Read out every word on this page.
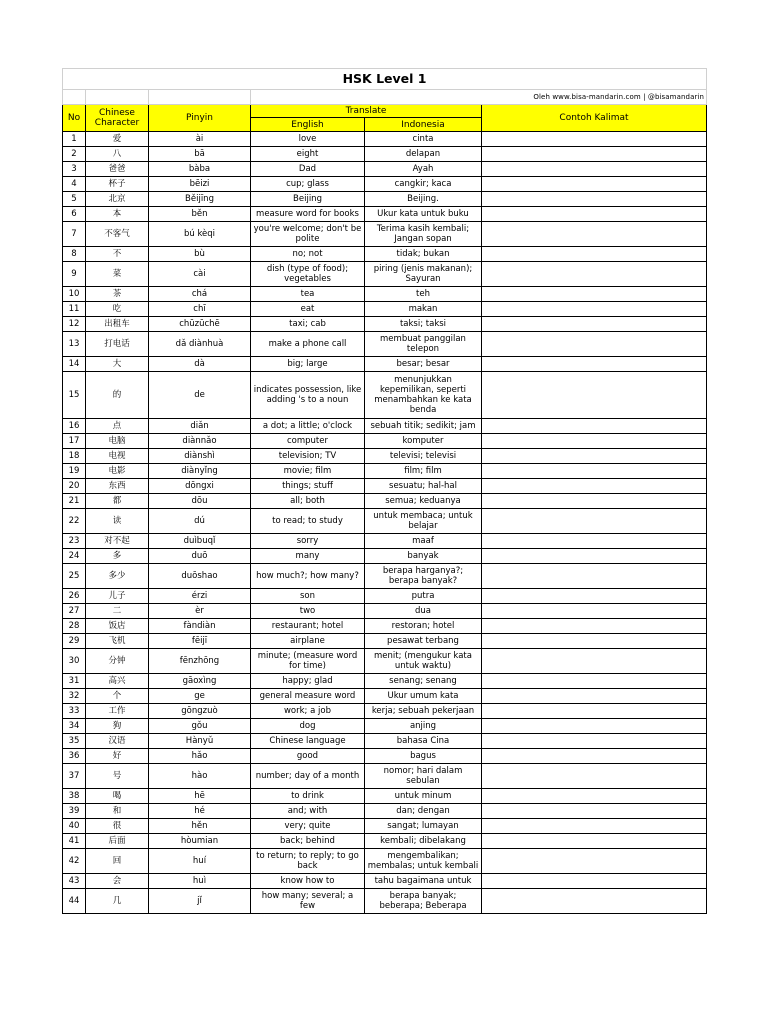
HSK Level 1					
			Oleh www.bisa-mandarin.com | @bisamandarin		
No	Chinese Character	Pinyin	Translate		Contoh Kalimat
			English	Indonesia	
1	爱	ài	love	cinta	
2	八	bā	eight	delapan	
3	爸爸	bàba	Dad	Ayah	
4	杯子	bēizi	cup; glass	cangkir; kaca	
5	北京	Běijīng	Beijing	Beijing.	
6	本	běn	measure word for books	Ukur kata untuk buku	
7	不客气	bú kèqi	you're welcome; don't be polite	Terima kasih kembali; Jangan sopan	
8	不	bù	no; not	tidak; bukan	
9	菜	cài	dish (type of food); vegetables	piring (jenis makanan); Sayuran	
10	茶	chá	tea	teh	
11	吃	chī	eat	makan	
12	出租车	chūzūchē	taxi; cab	taksi; taksi	
13	打电话	dǎ diànhuà	make a phone call	membuat panggilan telepon	
14	大	dà	big; large	besar; besar	
15	的	de	indicates possession, like adding 's to a noun	menunjukkan kepemilikan, seperti menambahkan ke kata benda	
16	点	diǎn	a dot; a little; o'clock	sebuah titik; sedikit; jam	
17	电脑	diànnǎo	computer	komputer	
18	电视	diànshì	television; TV	televisi; televisi	
19	电影	diànyǐng	movie; film	film; film	
20	东西	dōngxi	things; stuff	sesuatu; hal-hal	
21	都	dōu	all; both	semua; keduanya	
22	读	dú	to read; to study	untuk membaca; untuk belajar	
23	对不起	duìbuqǐ	sorry	maaf	
24	多	duō	many	banyak	
25	多少	duōshao	how much?; how many?	berapa harganya?; berapa banyak?	
26	儿子	érzi	son	putra	
27	二	èr	two	dua	
28	饭店	fàndiàn	restaurant; hotel	restoran; hotel	
29	飞机	fēijī	airplane	pesawat terbang	
30	分钟	fēnzhōng	minute; (measure word for time)	menit; (mengukur kata untuk waktu)	
31	高兴	gāoxìng	happy; glad	senang; senang	
32	个	ge	general measure word	Ukur umum kata	
33	工作	gōngzuò	work; a job	kerja; sebuah pekerjaan	
34	狗	gǒu	dog	anjing	
35	汉语	Hànyǔ	Chinese language	bahasa Cina	
36	好	hǎo	good	bagus	
37	号	hào	number; day of a month	nomor; hari dalam sebulan	
38	喝	hē	to drink	untuk minum	
39	和	hé	and; with	dan; dengan	
40	很	hěn	very; quite	sangat; lumayan	
41	后面	hòumian	back; behind	kembali; dibelakang	
42	回	huí	to return; to reply; to go back	mengembalikan; membalas; untuk kembali	
43	会	huì	know how to	tahu bagaimana untuk	
44	几	jǐ	how many; several; a few	berapa banyak; beberapa; Beberapa	
